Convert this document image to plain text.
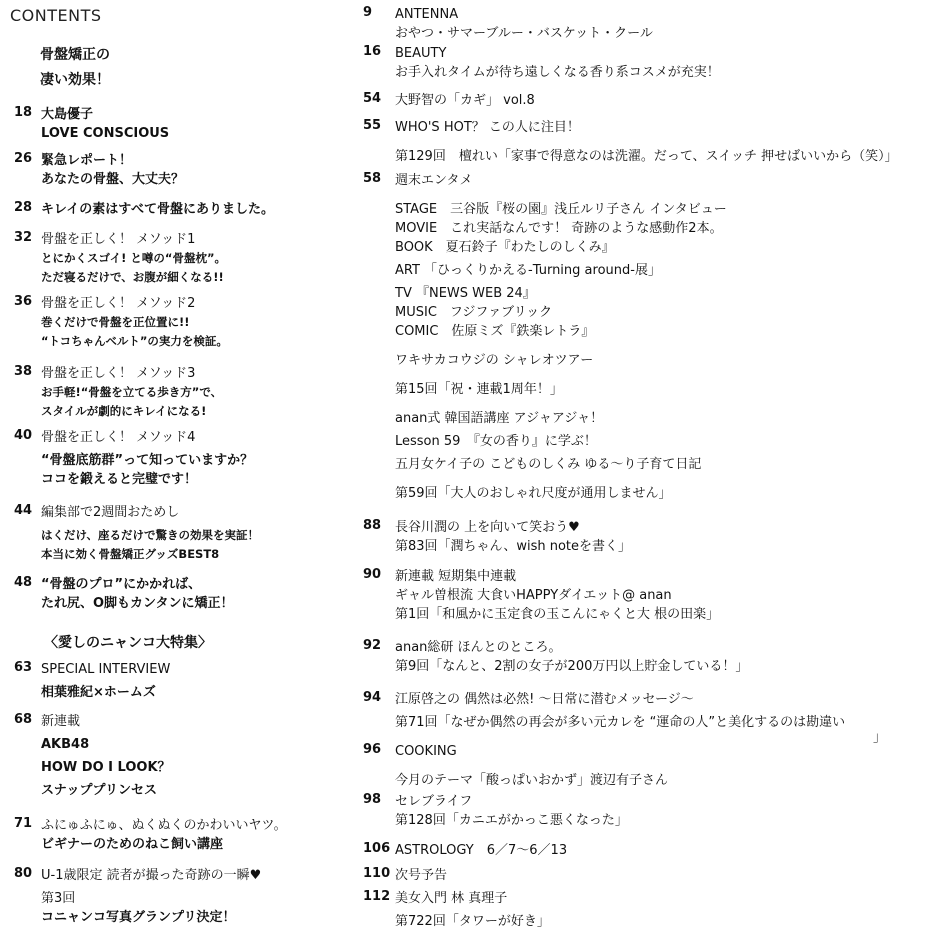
CONTENTS
骨盤矯正の
凄い効果！
〈愛しのニャンコ大特集〉
18 大島優子
LOVE CONSCIOUS
26 緊急レポート！
あなたの骨盤、大丈夫？
28 キレイの素はすべて骨盤にありました。
32 骨盤を正しく！ メソッド1
とにかくスゴイ! と噂の“骨盤枕”。
ただ寝るだけで、お腹が細くなる!!
36 骨盤を正しく！ メソッド2
巻くだけで骨盤を正位置に!!
“トコちゃんベルト”の実力を検証。
38 骨盤を正しく！ メソッド3
お手軽!“骨盤を立てる歩き方”で、
スタイルが劇的にキレイになる!
40 骨盤を正しく！ メソッド4
“骨盤底筋群”って知っていますか？
ココを鍛えると完璧です！
44 編集部で2週間おためし
はくだけ、座るだけで驚きの効果を実証！
本当に効く骨盤矯正グッズBEST8
48 “骨盤のプロ”にかかれば、
たれ尻、O脚もカンタンに矯正！
63 SPECIAL INTERVIEW
相葉雅紀×ホームズ
68 新連載
AKB48
HOW DO I LOOK？
スナッププリンセス
71 ふにゅふにゅ、ぬくぬくのかわいいヤツ。
ビギナーのためのねこ飼い講座
80 U-1歳限定 読者が撮った奇跡の一瞬♥
第3回
コニャンコ写真グランプリ決定！
9 ANTENNA
おやつ・サマーブルー・バスケット・クール
16 BEAUTY
お手入れタイムが待ち遠しくなる香り系コスメが充実！
54 大野智の「カギ」 vol.8
55 WHO'S HOT？ この人に注目！
第129回　檀れい「家事で得意なのは洗濯。だって、スイッチ 押せばいいから（笑）」
58 週末エンタメ
STAGE　三谷版『桜の園』浅丘ルリ子さん インタビュー
MOVIE　これ実話なんです！ 奇跡のような感動作2本。
BOOK　夏石鈴子『わたしのしくみ』
ART 「ひっくりかえる-Turning around-展」
TV 『NEWS WEB 24』
MUSIC　フジファブリック
COMIC　佐原ミズ『鉄楽レトラ』
ワキサカコウジの シャレオツアー
第15回「祝・連載1周年！」
anan式 韓国語講座 アジャアジャ！
Lesson 59　『女の香り』に学ぶ！
五月女ケイ子の こどものしくみ ゆる～り子育て日記
第59回「大人のおしゃれ尺度が通用しません」
88 長谷川潤の 上を向いて笑おう♥
第83回「潤ちゃん、wish noteを書く」
90 新連載 短期集中連載
ギャル曽根流 大食いHAPPYダイエット@ anan
第1回「和風かに玉定食の玉こんにゃくと大 根の田楽」
92 anan総研 ほんとのところ。
第9回「なんと、2割の女子が200万円以上貯金している！」
94 江原啓之の 偶然は必然! ～日常に潜むメッセージ～
第71回「なぜか偶然の再会が多い元カレを “運命の人”と美化するのは勘違い
」
96 COOKING
今月のテーマ「酸っぱいおかず」渡辺有子さん
98 セレブライフ
第128回「カニエがかっこ悪くなった」
106 ASTROLOGY　6／7～6／13
110 次号予告
112 美女入門 林 真理子
第722回「タワーが好き」
